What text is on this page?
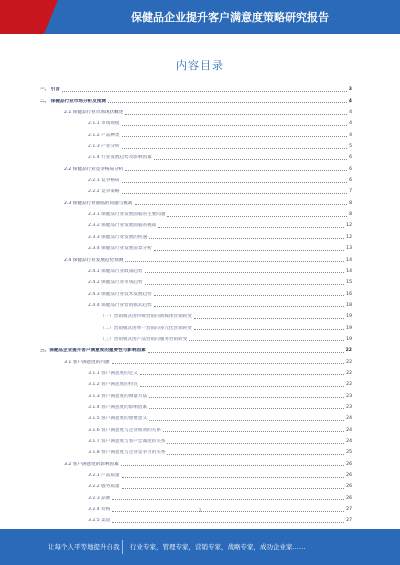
保健品企业提升客户满意度策略研究报告
内容目录
一、 引言	3
二、 保健品行业市场分析及预测	4
2.1 保健品行业市场现状概述	4
2.1.1 市场规模	4
2.1.2 产品种类	4
2.1.3 产业分析	5
2.1.4 行业发展趋势及影响因素	6
2.2 保健品行业竞争格局分析	6
2.2.1 竞争格局	6
2.2.2 竞争策略	7
2.3 保健品行业面临的问题与挑战	8
2.3.1 保健品行业发展面临的主要问题	8
2.3.2 保健品行业发展面临的挑战	12
2.3.3 保健品行业发展的机遇	12
2.3.4 保健品行业发展前景分析	13
2.4 保健品行业发展趋势预测	14
2.4.1 保健品行业政策趋势	14
2.4.2 保健品行业市场趋势	15
2.4.3 保健品行业技术发展趋势	16
2.4.4 保健品行业营销模式趋势	18
（一）营销模式由传统营销向新媒体营销转变	19
（二）营销模式由单一营销向多元化营销转变	19
（三）营销模式由产品营销向服务营销转变	19
三、保健品企业提升客户满意度的重要性与影响因素	22
3.1 客户满意度的内涵	22
3.1.1 客户满意度的定义	22
3.1.2 客户满意度的特点	22
3.1.3 客户满意度的测量方法	23
3.1.4 客户满意度的影响因素	23
3.1.5 客户满意度的重要意义	24
3.1.6 客户满意度与企业绩效的关系	24
3.1.7 客户满意度与客户忠诚度的关系	24
3.1.8 客户满意度与企业竞争力的关系	25
3.2 客户满意度的影响因素	26
3.2.1 产品质量	26
3.2.2 服务质量	26
3.2.3 品牌	26
3.2.4 价格	27
3.2.5 渠道	27
2
让每个人平等地提升自我 行业专家，管理专家，营销专家，战略专家，成功企业家……
